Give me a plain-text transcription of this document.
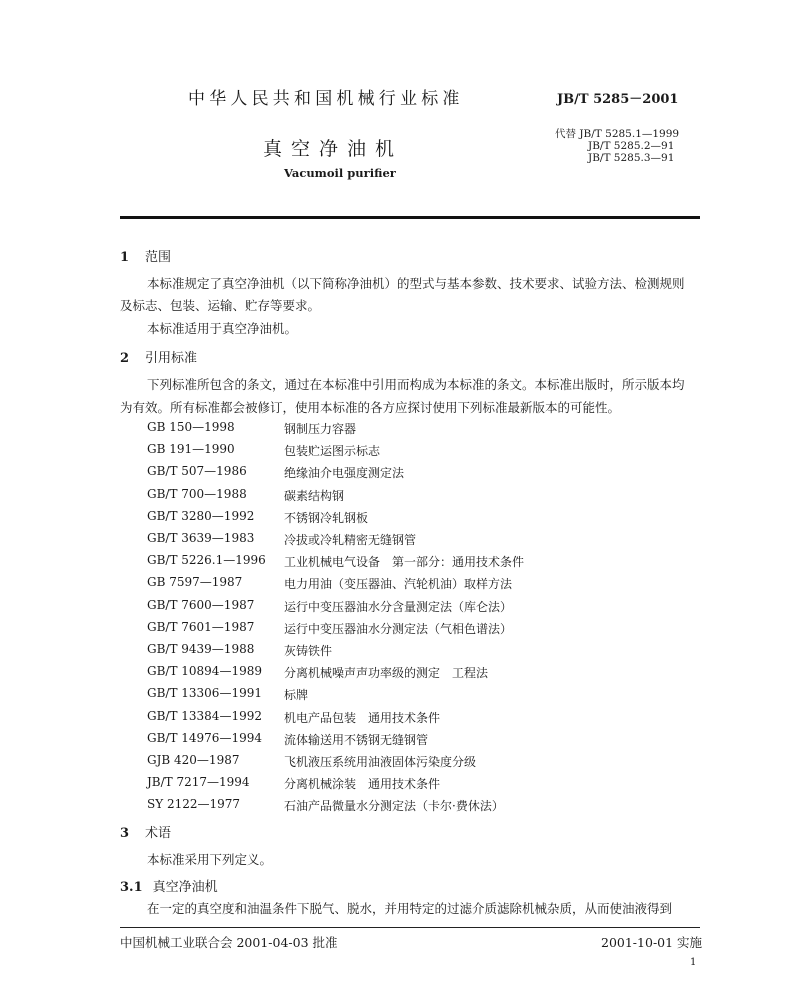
中华人民共和国机械行业标准	JB/T 5285－2001
真空净油机
代替 JB/T 5285.1—1999
JB/T 5285.2—91
JB/T 5285.3—91
Vacumoil purifier
1 范围
本标准规定了真空净油机（以下简称净油机）的型式与基本参数、技术要求、试验方法、检测规则
及标志、包装、运输、贮存等要求。
本标准适用于真空净油机。
2 引用标准
下列标准所包含的条文，通过在本标准中引用而构成为本标准的条文。本标准出版时，所示版本均
为有效。所有标准都会被修订，使用本标准的各方应探讨使用下列标准最新版本的可能性。
GB 150—1998	钢制压力容器
GB 191—1990	包装贮运图示标志
GB/T 507—1986	绝缘油介电强度测定法
GB/T 700—1988	碳素结构钢
GB/T 3280—1992 不锈钢冷轧钢板
GB/T 3639—1983 冷拔或冷轧精密无缝钢管
GB/T 5226.1—1996 工业机械电气设备　第一部分：通用技术条件
GB 7597—1987	电力用油（变压器油、汽轮机油）取样方法
GB/T 7600—1987 运行中变压器油水分含量测定法（库仑法）
GB/T 7601—1987 运行中变压器油水分测定法（气相色谱法）
GB/T 9439—1988 灰铸铁件
GB/T 10894—1989 分离机械噪声声功率级的测定　工程法
GB/T 13306—1991 标牌
GB/T 13384—1992 机电产品包装　通用技术条件
GB/T 14976—1994 流体输送用不锈钢无缝钢管
GJB 420—1987	飞机液压系统用油液固体污染度分级
JB/T 7217—1994	分离机械涂装　通用技术条件
SY 2122—1977	石油产品微量水分测定法（卡尔·费休法）
3 术语
本标准采用下列定义。
3.1 真空净油机
在一定的真空度和油温条件下脱气、脱水，并用特定的过滤介质滤除机械杂质，从而使油液得到
中国机械工业联合会 2001-04-03 批准	2001-10-01 实施
1
